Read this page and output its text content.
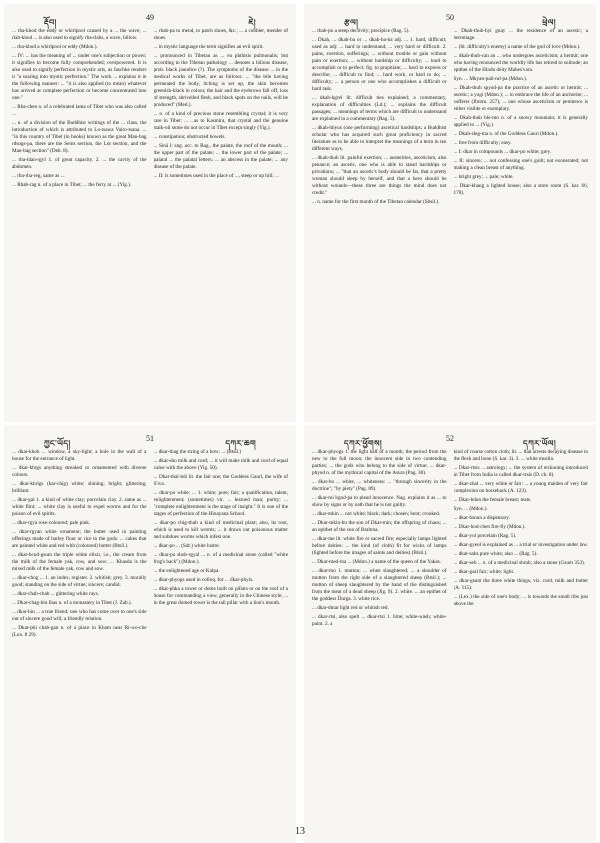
རྡོབ།
49
ཇེ།

... rba-khod the eddy or whirlpool caused by a ... the wave; ... rlab-khod ... is also used to signify rba-rlabs, a wave, billow.

... rba-khod a whirlpool or eddy (Mdon.).

... IV: ... has the meaning of ... under one's subjection or power; it signifies to become fully comprehended; overpowered. It is also used to signify perfection in mystic arts, as Jaschke renders it "a soaring into mystic perfection." The work ... explains it in the following manner: ... "it is also applied (to mean) whatever has arrived at complete perfection or become concentrated into one."

... Rba-chen n. of a celebrated lama of Tibet who was also called ...

... n. of a division of the Buddhist writings of the ... class, the introduction of which is attributed to Lo-tsawa Vairo-tsana. ... "in this country of Tibet (in books) known as the great Man-bag rdsogs-pa, there are the Sems section, the Lot section, and the Man-bag section" (Deb. 8).

... rba-ldan-rgyl 1. of great capacity. 2. ... the cavity of the abdomen.

... rba-rba-reg, same as ...

... Rbab-rag n. of a place in Tibet; ... the ferry at ... (Yig.).

... rbab-pa to mend, to patch shoes, &c.; ... a cobbler, mender of shoes.

... in mystic language the term signifies an evil spirit.

... pronounced in Tibetan as ... ea phthisis pulmonalis; but according to the Tibetan pathology ... denotes a bilious disease, prob. black jaundice (?). The symptoms of the disease ... in the medical works of Tibet, are as follows: ... "the bile having permeated the body, itching is set up, the skin becomes greenish-black in colour, the hair and the eyebrows fall off, loss of strength, shrivelled flesh, and black spots on the nails, will be produced" (Med.).

... n. of a kind of precious stone resembling crystal; it is very rare in Tibet: ... ...as to Kasmira, that crystal and the genuine stalk-oil stone do not occur in Tibet except singly (Yig.).

... constipation; obstructed bowels.

... Sinä I: sng. acc. to Rag., the palate, the roof of the mouth; ... the upper part of the palate; ... the lower part of the palate; ... palatal ... the palatal letters; ... an abscess in the palate; ... any disease of the palate.

... II: is sometimes used in the place of ..., steep or up hill; ...

རྩལ།
50
ཕྲེལ།

... rbab-po a steep declivity; precipice (Rag. 5).

... Dkah, ... dkah-ba or ... dkah-ba-ba adj. ... 1. hard, difficult; used as adj: ... hard to understand; ... very hard or difficult. 2. pains, exertion, sufferings; ... without trouble or gain without pain or exertion; ... without hardship or difficulty; ... hard to accomplish or to perfect; fig. to propitiate; ... hard to express or describe; ... difficult to find; ... hard work, or hard to do; ... difficulty; ... a person or one who accomplishes a difficult or hard task.

... dkah-hgrel lit. difficult ties explained; a commentary, explanation of difficulties (Ld.); ... explains the difficult passages; ... meanings of terms which are difficult to understand are explained in a commentary (Rag. 5).

... dkah-hbyus (one performing) ascetical hardships; a Buddhist scholar who has acquired such great proficiency in sacred literature as to be able to interpret the meanings of a term in ten different ways.

... dkah-thub lit. painful exertion; ... austerities, asceticism, also penance; an ascetic, one who is able to stand hardships or privations; ... "that an ascetic's body should be fat, that a pretty woman should sleep by herself, and that a hero should be without wounds—these three are things the mind does not credit."

... n. name for the first month of the Tibetan calendar (Sbsil.).

... Dkah-thub-hyi gnay ... the residence of an ascetic; a hermitage.

... (lit. difficulty's enemy) a name of the god of love (Mdon.).

... dkah-thub-can an ... who undergoes asceticism; a hermit; one who having renounced the worldly life has retired to solitude; an epithet of the Hindu deity Mahes'vara.

Syn. ... Mkyan-pali-ral-pa (Mdon.).

... Dkah-thub spyod-pa the practice of an ascetic or hermit; ... ascetic; a yogi (Mdon.); ... to embrace the life of an anchorite; ... sufferer (Jbrom. 257); ... one whose asceticism or penitence is either visible or exemplary.

... Dkah-thub ble-mo n. of a snowy mountain; it is generally applied to ... (Yig.).

... Dkah-sleg-ma n. of the Goddess Gauri (Mdon.).

... free from difficulty; easy.

... I: dkar in compounds ... dkar-po white; grey.

... II: sincere; ... not confessing one's guilt; not exonerated; not making a clean breast of anything.

... bright grey; ... pale; white.

... Dkar-khang a lighted house; also a store room (S. kar. 66, 178).

ཀྱང་ཡོད།
51
དཀར་ཆག

... dkar-khoh ... window, a sky-light; a hole in the wall of a house for the entrance of light.

... dkar-khrgs anything streaked or ornamented with diverse colours.

... dkar-khrigs (kar-chig) white; shining; bright; glittering; brilliant.

... dkar-gal 1. a kind of white clay; porcelain clay. 2. same as ... white flint; ... white clay is useful to expel worms and for the poison of evil spirits.

... dkar-rgya rose-coloured; pale pink.

... dkar-rgyan white ornament; the butter used in painting offerings made of barley flour or rice to the gods: ... cakes that are painted white and red with (coloured) butter (Btsil.).

... dkar-bcud-gsum the triple white elixir, i.e., the cream from the milk of the female yak, cow, and sow; ... Khasda is the mixed milk of the female yak, cow and sow.

... dkar-chog ... 1. an index; register. 2. whitish; grey. 3. morally good; standing on the side of virtue; sincere; candid.

... dkar-chab-chab ... glittering white rays.

... Dkar-chag-hin Ihas n. of a monastery in Tibet (J. Zab.).

... dkar-hin ... a true friend; one who has come over to one's side out of sincere good will; a friendly relation.

... Dkar-phi chab-gan n. of a place in Kham near Ri-wo-che (Lon. 8 29).

... dkar-thag the string of a bow: ... (Btsil.)

... dkar-sho milk and curd; ... it will make milk and curd of equal value with the above (Yig. 50).

... Dkar-thal-bdi lit. the fair one; the Goddess Gauri, the wife of S'iva.

... dkar-po white; ... 1. white; pure; fair; a qualification, talent, enlightenment; (sometimes) vir. ... learned man; purity; ... "complete enlightenment is the stage of insight." It is one of the stages of perfection of the Hinayana School.

... dkar-po chig-thub a kind of medicinal plant; also, its root, which is used to kill worms; ... it draws out poisonous matter and subdues worms which infest one.

... dkar-po ... (Sdr.) white lustre.

... dkar-po sbob-rgyal ... n. of a medicinal stone (called "white frog's back") (Mdon.).

... the enlightened age or Kalpa.

... dkar-phyogs used in colloq. for ... dkar-phyis.

... dkar-phka a tower or dome built on pillars or on the roof of a house for commanding a view, generally in the Chinese style; ... in the great domed tower is the tall pillar with a lion's mouth.

དཀར་ཕྱོགས།
52
དཀར་ཡོལ།

... dkar-phyogs 1. the light half of a month; the period from the new to the full moon; the innocent side in two contending parties; ... the gods who belong to the side of virtue; ... dkar-phyod n. of the mythical capital of the Asura (Pag. 30).

... dkar-bu ... white, ... whiteness: ... "through sincerity in the doctrine"; "by piety" (Pag. 89).

... dkar-mi bgod-pa to plead innocence. Nag. explains it as ... to show by signs or by oath that he is not guilty.

... dkar-mkin ... not white; black; dark; chosen; bent; crooked.

... Dkar-mkin-bu the son of Dkar-min; the offspring of chaos; ... an epithet of the son of Brahma.

... dkar-me lit. white fire or sacred fire; especially lamps lighted before deities: ... the kind (of cloth) fit for wicks of lamps (lighted before the images of saints and deities) (Btsil.).

... Dkar-med-ma ... (Mdon.) a name of the queen of the Yakas.

... dkar-mo 1. mutton; ... when slaughtered; ... a shoulder of mutton from the right side of a slaughtered sheep (Btsil.); ... mutton of sheep slaughtered by the hand of the distinguished from the meat of a dead sheep (Jig. 9). 2. white. ... an epithet of the goddess Durga. 3. white rice.

... dkar-dmar light red or whitish red.

... dkar-rtsi, also spelt ... dkar-rtsi 1. lime; white-wash; white-paint. 2. a

kind of coarse cotton cloth; lit. ... that arrests decaying disease in the flesh and bone (S. kar. 3). 3. ... white muslin.

... Dkar-rtsis ... astrology; ... the system of reckoning introduced in Tibet from India is called dkar-rtsis (D. ch. 8).

... dkar-zhal ... very white or fair: ... a young maiden of very fair complexion on horseback (A. 123).

... Dkar-bdun the female breast; teats.

Syn. ... (Mdon.).

... dkar-bsnun a dispensary.

... Dkar-hod-chen fire-fly (Mdon.).

... dkar-yol porcelain (Rag. 5).

... dkar-gyeol is explained as ... a trial or investigation under law.

... dkar-sabs pure white; also ... (Rag. 5).

... dkar-seb ... n. of a medicinal shrub; also a stone (Gsum 353).

... dkar-gsal fair; white; light.

... dkar-gsum the three white things, viz. curd, milk and butter (A. 115).

... (Lex.) the side of one's body; ... is towards the small ribs just above the

13
